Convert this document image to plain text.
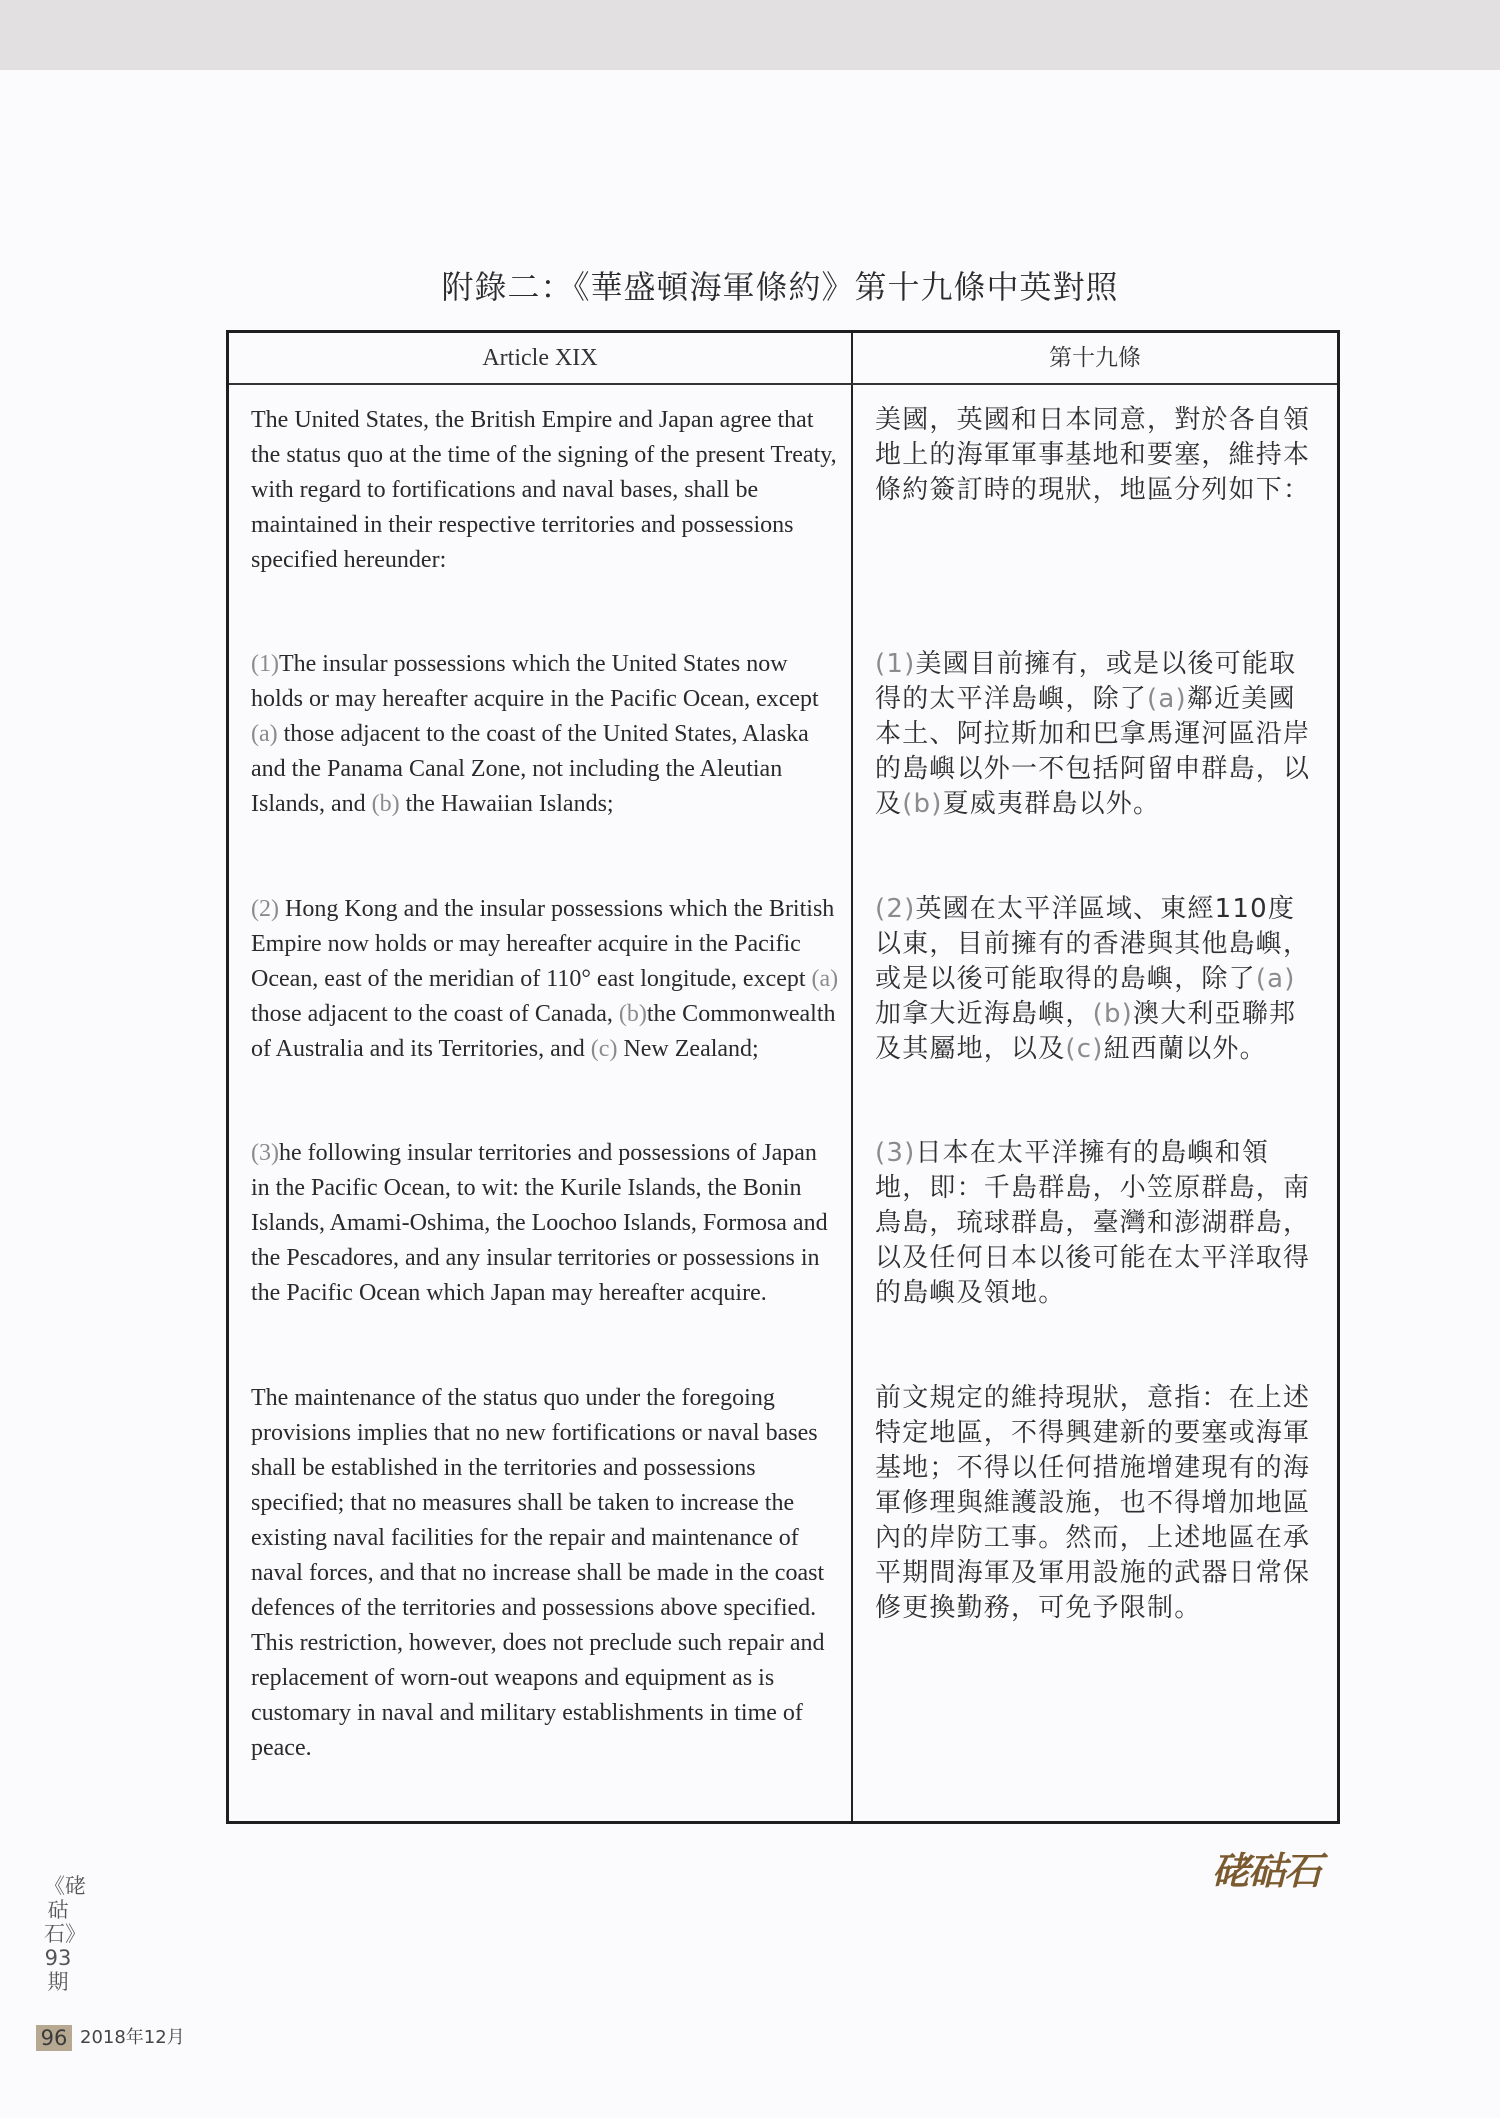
附錄二：《華盛頓海軍條約》第十九條中英對照
Article XIX	第十九條

The United States, the British Empire and Japan agree that the status quo at the time of the signing of the present Treaty, with regard to fortifications and naval bases, shall be maintained in their respective territories and possessions specified hereunder:

(1)The insular possessions which the United States now holds or may hereafter acquire in the Pacific Ocean, except (a) those adjacent to the coast of the United States, Alaska and the Panama Canal Zone, not including the Aleutian Islands, and (b) the Hawaiian Islands;

(2) Hong Kong and the insular possessions which the British Empire now holds or may hereafter acquire in the Pacific Ocean, east of the meridian of 110° east longitude, except (a) those adjacent to the coast of Canada, (b)the Commonwealth of Australia and its Territories, and (c) New Zealand;

(3)he following insular territories and possessions of Japan in the Pacific Ocean, to wit: the Kurile Islands, the Bonin Islands, Amami-Oshima, the Loochoo Islands, Formosa and the Pescadores, and any insular territories or possessions in the Pacific Ocean which Japan may hereafter acquire.

The maintenance of the status quo under the foregoing provisions implies that no new fortifications or naval bases shall be established in the territories and possessions specified; that no measures shall be taken to increase the existing naval facilities for the repair and maintenance of naval forces, and that no increase shall be made in the coast defences of the territories and possessions above specified. This restriction, however, does not preclude such repair and replacement of worn-out weapons and equipment as is customary in naval and military establishments in time of peace.

美國，英國和日本同意，對於各自領地上的海軍軍事基地和要塞，維持本條約簽訂時的現狀，地區分列如下：

(1)美國目前擁有，或是以後可能取得的太平洋島嶼，除了(a)鄰近美國本土、阿拉斯加和巴拿馬運河區沿岸的島嶼以外一不包括阿留申群島，以及(b)夏威夷群島以外。

(2)英國在太平洋區域、東經110度以東，目前擁有的香港與其他島嶼，或是以後可能取得的島嶼，除了(a)加拿大近海島嶼，(b)澳大利亞聯邦及其屬地，以及(c)紐西蘭以外。

(3)日本在太平洋擁有的島嶼和領地，即：千島群島，小笠原群島，南鳥島，琉球群島，臺灣和澎湖群島，以及任何日本以後可能在太平洋取得的島嶼及領地。

前文規定的維持現狀，意指：在上述特定地區，不得興建新的要塞或海軍基地；不得以任何措施增建現有的海軍修理與維護設施，也不得增加地區內的岸防工事。然而，上述地區在承平期間海軍及軍用設施的武器日常保修更換勤務，可免予限制。

硓𥑮石
《硓𥑮石》93期
96 2018年12月
